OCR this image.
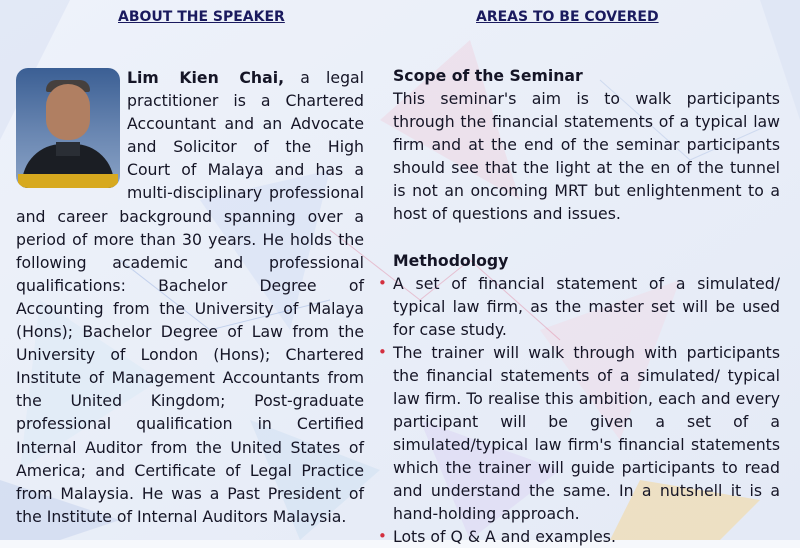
ABOUT THE SPEAKER	AREAS TO BE COVERED
Lim Kien Chai, a legal practitioner is a Chartered Accountant and an Advocate and Solicitor of the High Court of Malaya and has a multi-disciplinary professional and career background spanning over a period of more than 30 years. He holds the following academic and professional qualifications: Bachelor Degree of Accounting from the University of Malaya (Hons); Bachelor Degree of Law from the University of London (Hons); Chartered Institute of Management Accountants from the United Kingdom; Post-graduate professional qualification in Certified Internal Auditor from the United States of America; and Certificate of Legal Practice from Malaysia. He was a Past President of the Institute of Internal Auditors Malaysia.

Scope of the Seminar

This seminar's aim is to walk participants through the financial statements of a typical law firm and at the end of the seminar participants should see that the light at the en of the tunnel is not an oncoming MRT but enlightenment to a host of questions and issues.

Methodology

• A set of financial statement of a simulated/ typical law firm, as the master set will be used for case study.
• The trainer will walk through with participants the financial statements of a simulated/ typical law firm. To realise this ambition, each and every participant will be given a set of a simulated/typical law firm's financial statements which the trainer will guide participants to read and understand the same. In a nutshell it is a hand-holding approach.
• Lots of Q & A and examples.
